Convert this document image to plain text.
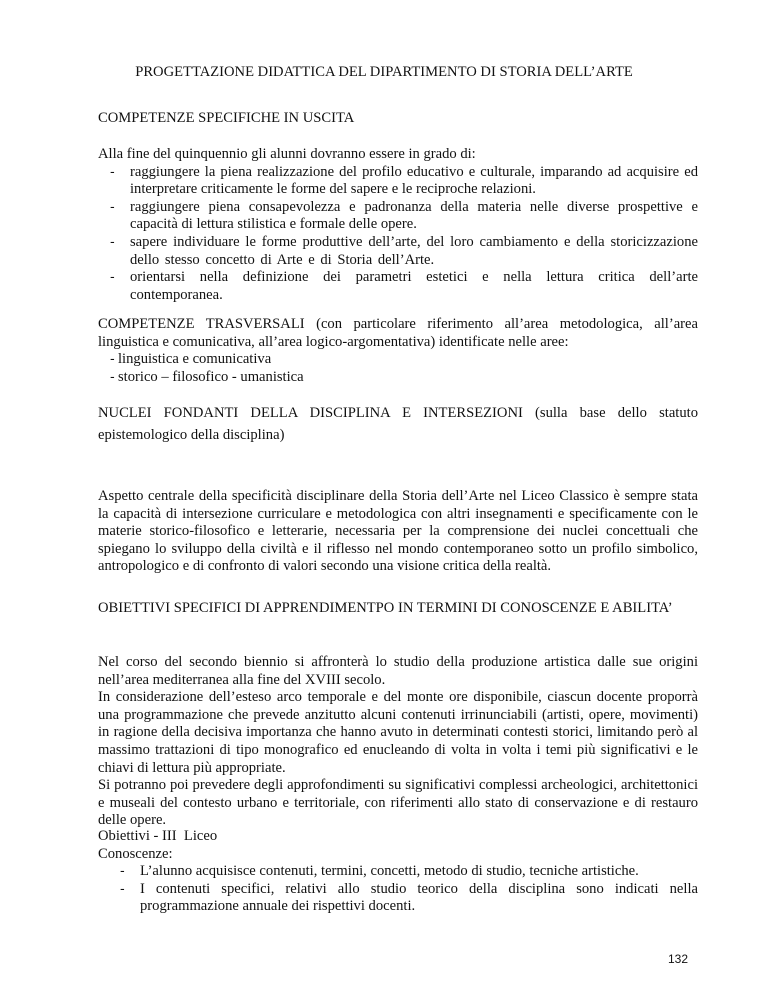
PROGETTAZIONE DIDATTICA DEL DIPARTIMENTO DI STORIA DELL’ARTE

COMPETENZE SPECIFICHE IN USCITA

Alla fine del quinquennio gli alunni dovranno essere in grado di:

- raggiungere la piena realizzazione del profilo educativo e culturale, imparando ad acquisire ed interpretare criticamente le forme del sapere e le reciproche relazioni.
- raggiungere piena consapevolezza e padronanza della materia nelle diverse prospettive e capacità di lettura stilistica e formale delle opere.
- sapere individuare le forme produttive dell’arte, del loro cambiamento e della storicizzazione dello stesso concetto di Arte e di Storia dell’Arte.
- orientarsi nella definizione dei parametri estetici e nella lettura critica dell’arte contemporanea.

COMPETENZE TRASVERSALI (con particolare riferimento all’area metodologica, all’area linguistica e comunicativa, all’area logico-argomentativa) identificate nelle aree:

- linguistica e comunicativa
- storico – filosofico - umanistica

NUCLEI FONDANTI DELLA DISCIPLINA E INTERSEZIONI (sulla base dello statuto epistemologico della disciplina)

Aspetto centrale della specificità disciplinare della Storia dell’Arte nel Liceo Classico è sempre stata la capacità di intersezione curriculare e metodologica con altri insegnamenti e specificamente con le materie storico-filosofico e letterarie, necessaria per la comprensione dei nuclei concettuali che spiegano lo sviluppo della civiltà e il riflesso nel mondo contemporaneo sotto un profilo simbolico, antropologico e di confronto di valori secondo una visione critica della realtà.

OBIETTIVI SPECIFICI DI APPRENDIMENTPO IN TERMINI DI CONOSCENZE E ABILITA’

Nel corso del secondo biennio si affronterà lo studio della produzione artistica dalle sue origini nell’area mediterranea alla fine del XVIII secolo.

In considerazione dell’esteso arco temporale e del monte ore disponibile, ciascun docente proporrà una programmazione che prevede anzitutto alcuni contenuti irrinunciabili (artisti, opere, movimenti) in ragione della decisiva importanza che hanno avuto in determinati contesti storici, limitando però al massimo trattazioni di tipo monografico ed enucleando di volta in volta i temi più significativi e le chiavi di lettura più appropriate.

Si potranno poi prevedere degli approfondimenti su significativi complessi archeologici, architettonici e museali del contesto urbano e territoriale, con riferimenti allo stato di conservazione e di restauro delle opere.

Obiettivi - III  Liceo

Conoscenze:

- L’alunno acquisisce contenuti, termini, concetti, metodo di studio, tecniche artistiche.
- I contenuti specifici, relativi allo studio teorico della disciplina sono indicati nella programmazione annuale dei rispettivi docenti.
132
